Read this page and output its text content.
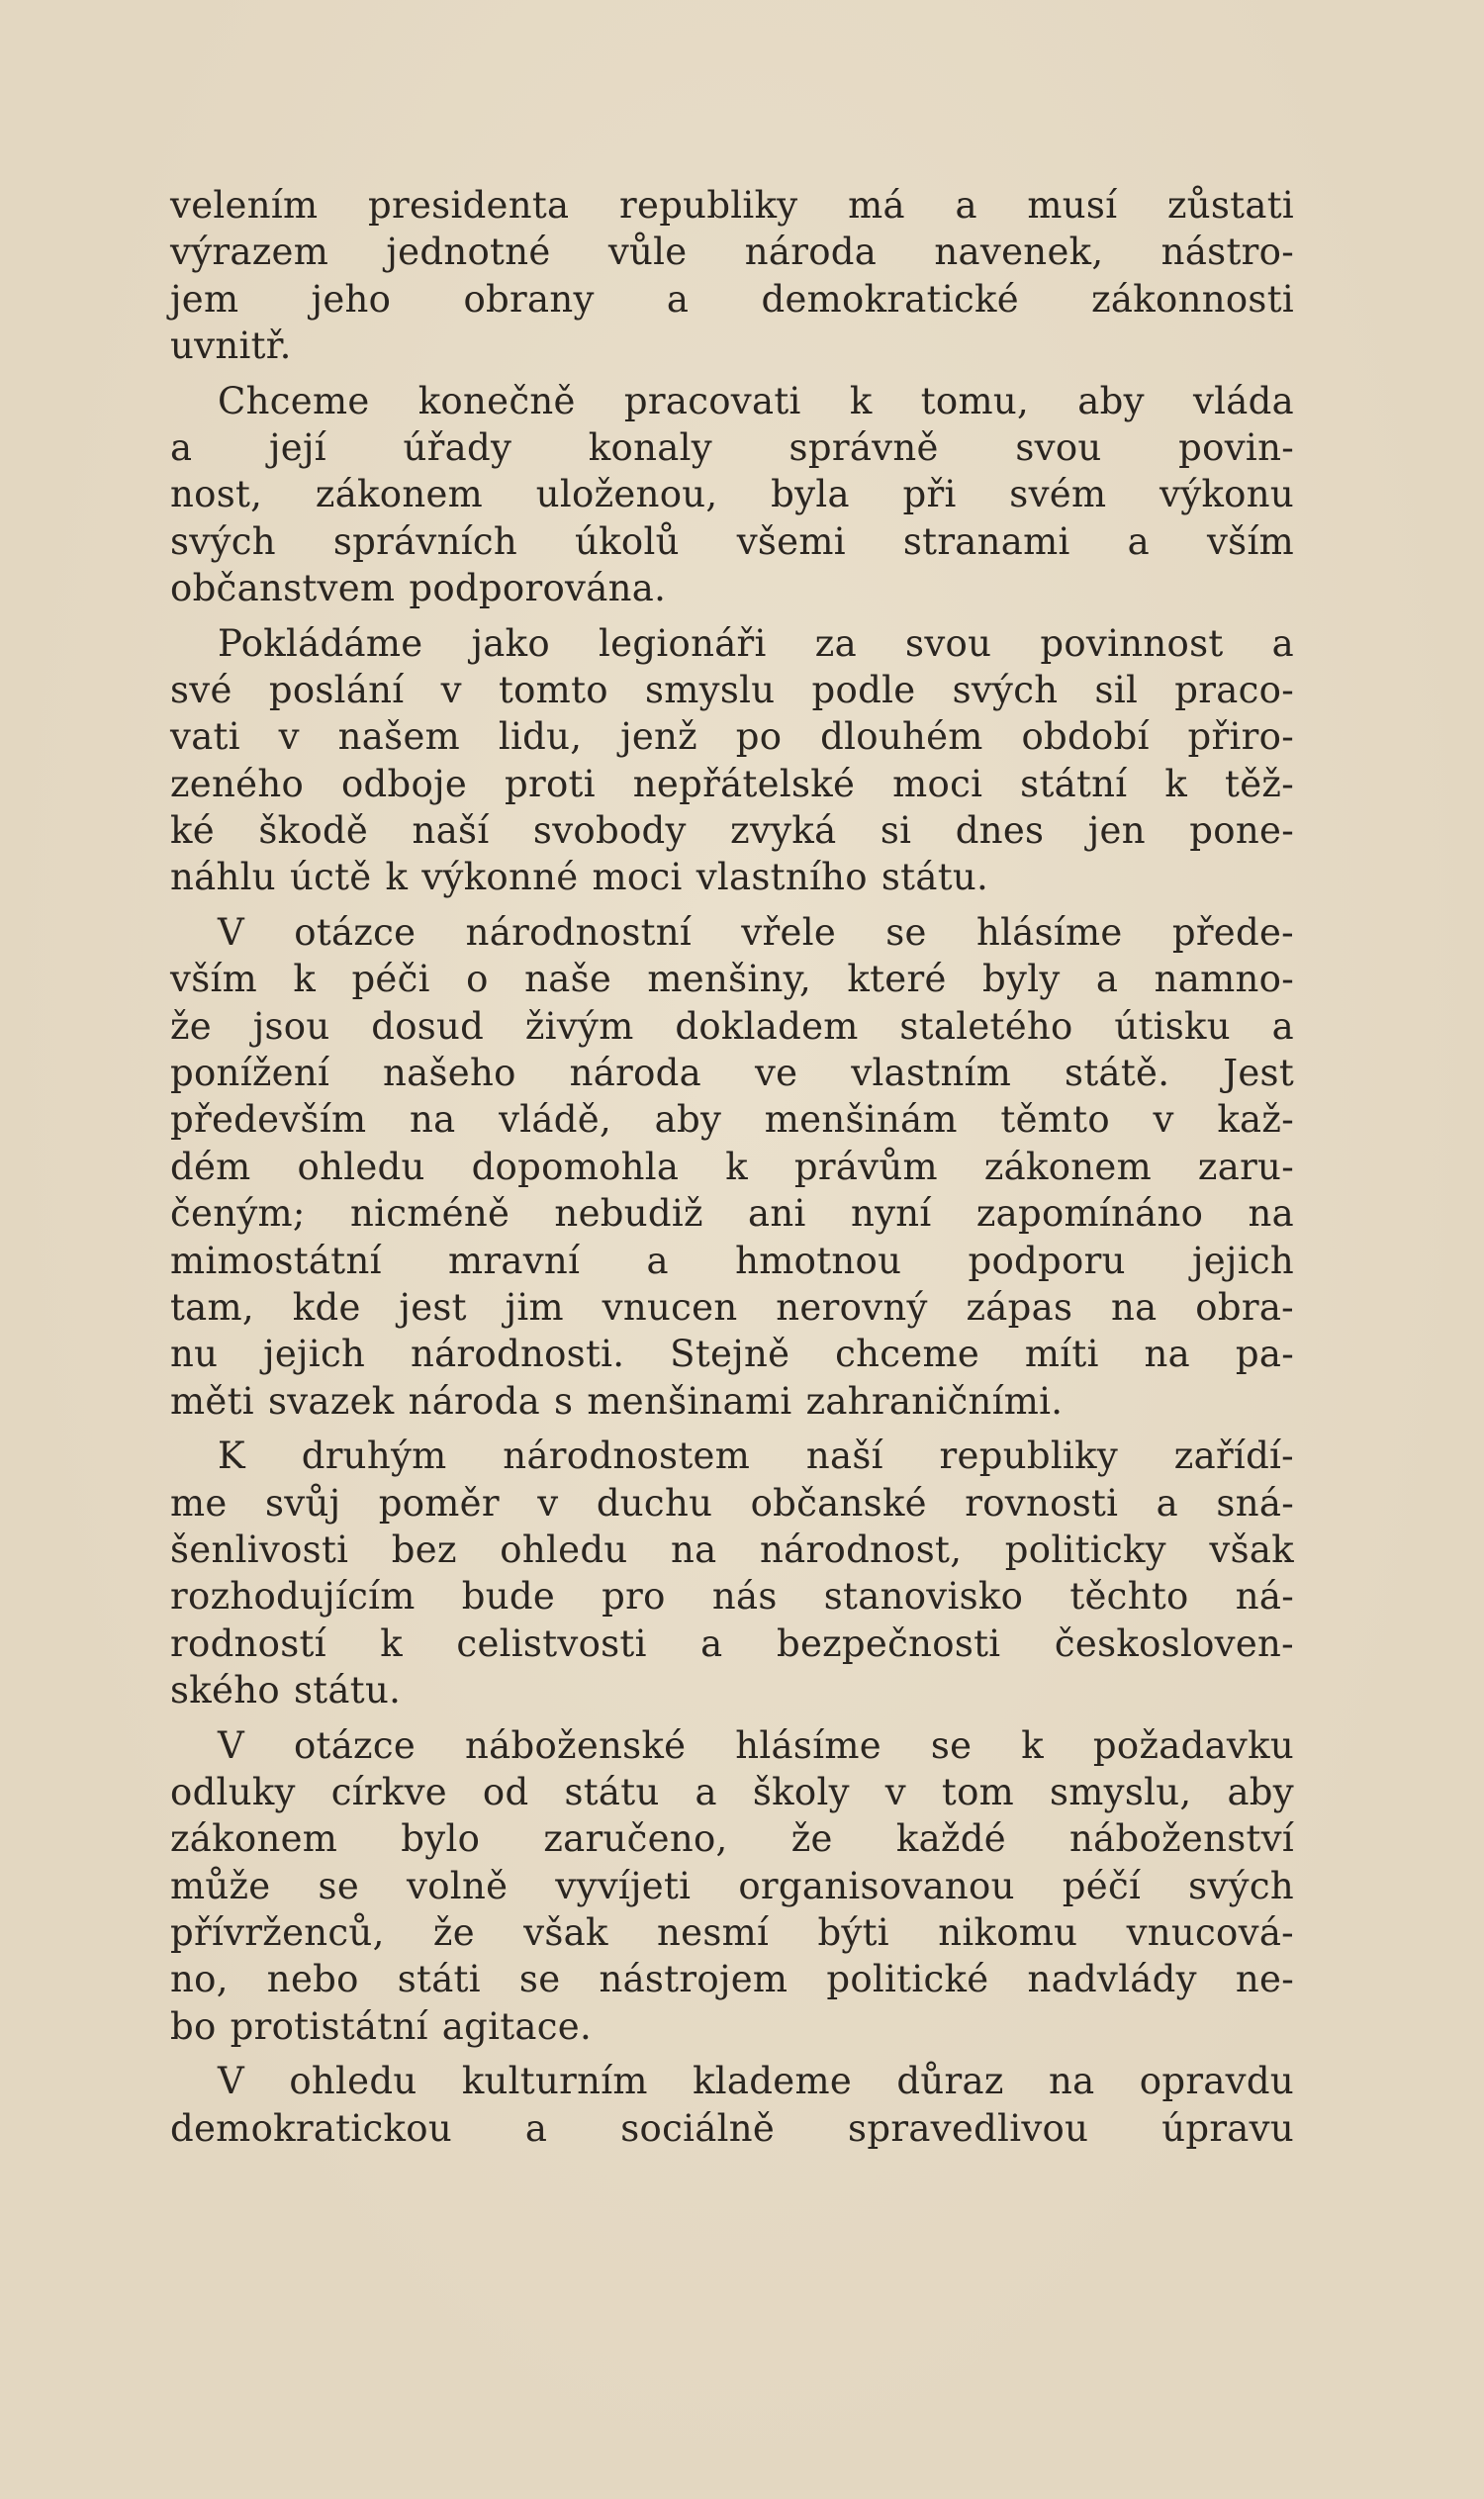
velením presidenta republiky má a musí zůstati
výrazem jednotné vůle národa navenek, nástro-
jem jeho obrany a demokratické zákonnosti
uvnitř.
Chceme konečně pracovati k tomu, aby vláda
a její úřady konaly správně svou povin-
nost, zákonem uloženou, byla při svém výkonu
svých správních úkolů všemi stranami a vším
občanstvem podporována.
Pokládáme jako legionáři za svou povinnost a
své poslání v tomto smyslu podle svých sil praco-
vati v našem lidu, jenž po dlouhém období přiro-
zeného odboje proti nepřátelské moci státní k těž-
ké škodě naší svobody zvyká si dnes jen pone-
náhlu úctě k výkonné moci vlastního státu.
V otázce národnostní vřele se hlásíme přede-
vším k péči o naše menšiny, které byly a namno-
že jsou dosud živým dokladem staletého útisku a
ponížení našeho národa ve vlastním státě. Jest
především na vládě, aby menšinám těmto v kaž-
dém ohledu dopomohla k právům zákonem zaru-
čeným; nicméně nebudiž ani nyní zapomínáno na
mimostátní mravní a hmotnou podporu jejich
tam, kde jest jim vnucen nerovný zápas na obra-
nu jejich národnosti. Stejně chceme míti na pa-
měti svazek národa s menšinami zahraničními.
K druhým národnostem naší republiky zařídí-
me svůj poměr v duchu občanské rovnosti a sná-
šenlivosti bez ohledu na národnost, politicky však
rozhodujícím bude pro nás stanovisko těchto ná-
rodností k celistvosti a bezpečnosti českosloven-
ského státu.
V otázce náboženské hlásíme se k požadavku
odluky církve od státu a školy v tom smyslu, aby
zákonem bylo zaručeno, že každé náboženství
může se volně vyvíjeti organisovanou péčí svých
přívrženců, že však nesmí býti nikomu vnucová-
no, nebo státi se nástrojem politické nadvlády ne-
bo protistátní agitace.
V ohledu kulturním klademe důraz na opravdu
demokratickou a sociálně spravedlivou úpravu
